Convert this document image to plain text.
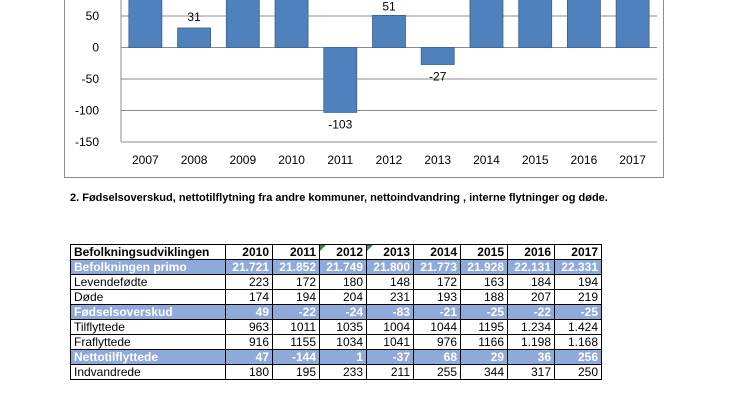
50
0
-50
-100
-150
2007
31
2008 2009 2010
-103
2011
51
2012
-27
2013 2014 2015 2016 2017
2. Fødselsoverskud, nettotilflytning fra andre kommuner, nettoindvandring , interne flytninger og døde.
Befolkningsudviklingen	2010	2011	2012	2013	2014	2015	2016	2017
Befolkningen primo	21.721	21.852	21.749	21.800	21.773	21.928	22.131	22.331
Levendefødte	223	172	180	148	172	163	184	194
Døde	174	194	204	231	193	188	207	219
Fødselsoverskud	49	-22	-24	-83	-21	-25	-22	-25
Tilflyttede	963	1011	1035	1004	1044	1195	1.234	1.424
Fraflyttede	916	1155	1034	1041	976	1166	1.198	1.168
Nettotilflyttede	47	-144	1	-37	68	29	36	256
Indvandrede	180	195	233	211	255	344	317	250
